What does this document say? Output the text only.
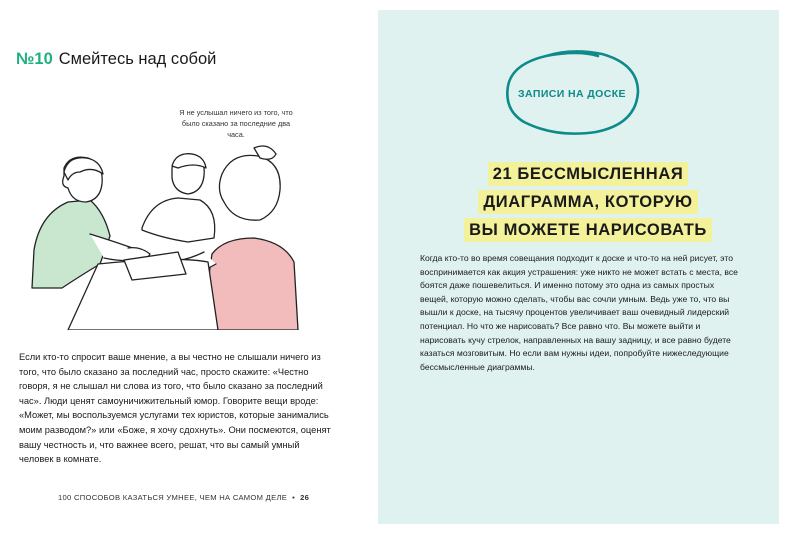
№10 Смейтесь над собой
Я не услышал ничего из того, что было сказано за последние два часа.
Если кто-то спросит ваше мнение, а вы честно не слышали ничего из того, что было сказано за последний час, просто скажите: «Честно говоря, я не слышал ни слова из того, что было сказано за последний час». Люди ценят самоуничижительный юмор. Говорите вещи вроде: «Может, мы воспользуемся услугами тех юристов, которые занимались моим разводом?» или «Боже, я хочу сдохнуть». Они посмеются, оценят вашу честность и, что важнее всего, решат, что вы самый умный человек в комнате.
100 СПОСОБОВ КАЗАТЬСЯ УМНЕЕ, ЧЕМ НА САМОМ ДЕЛЕ • 26
ЗАПИСИ НА ДОСКЕ
21 БЕССМЫСЛЕННАЯ
ДИАГРАММА, КОТОРУЮ
ВЫ МОЖЕТЕ НАРИСОВАТЬ
Когда кто-то во время совещания подходит к доске и что-то на ней рисует, это воспринимается как акция устрашения: уже никто не может встать с места, все боятся даже пошевелиться. И именно потому это одна из самых простых вещей, которую можно сделать, чтобы вас сочли умным. Ведь уже то, что вы вышли к доске, на тысячу процентов увеличивает ваш очевидный лидерский потенциал. Но что же нарисовать? Все равно что. Вы можете выйти и нарисовать кучу стрелок, направленных на вашу задницу, и все равно будете казаться мозговитым. Но если вам нужны идеи, попробуйте нижеследующие бессмысленные диаграммы.
